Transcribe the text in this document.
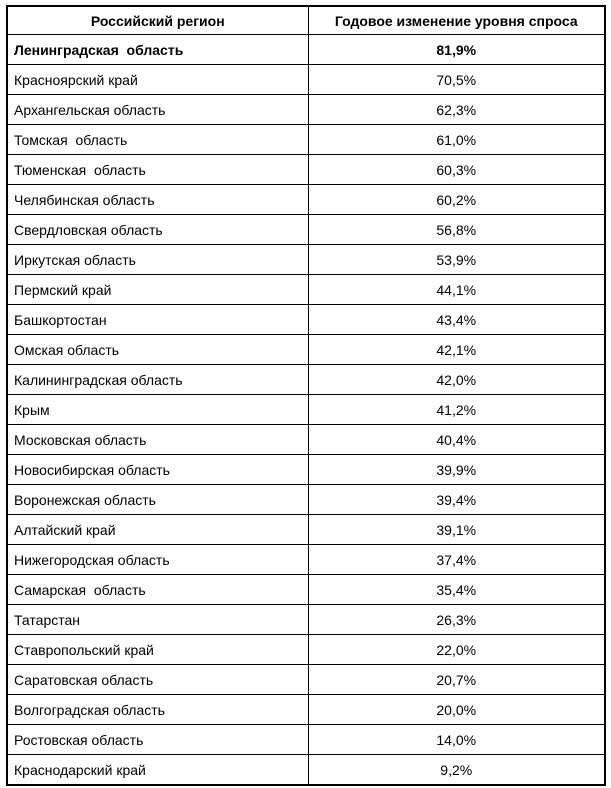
Российский регион	Годовое изменение уровня спроса
Ленинградская  область	81,9%
Красноярский край	70,5%
Архангельская область	62,3%
Томская  область	61,0%
Тюменская  область	60,3%
Челябинская область	60,2%
Свердловская область	56,8%
Иркутская область	53,9%
Пермский край	44,1%
Башкортостан	43,4%
Омская область	42,1%
Калининградская область	42,0%
Крым	41,2%
Московская область	40,4%
Новосибирская область	39,9%
Воронежская область	39,4%
Алтайский край	39,1%
Нижегородская область	37,4%
Самарская  область	35,4%
Татарстан	26,3%
Ставропольский край	22,0%
Саратовская область	20,7%
Волгоградская область	20,0%
Ростовская область	14,0%
Краснодарский край	9,2%
